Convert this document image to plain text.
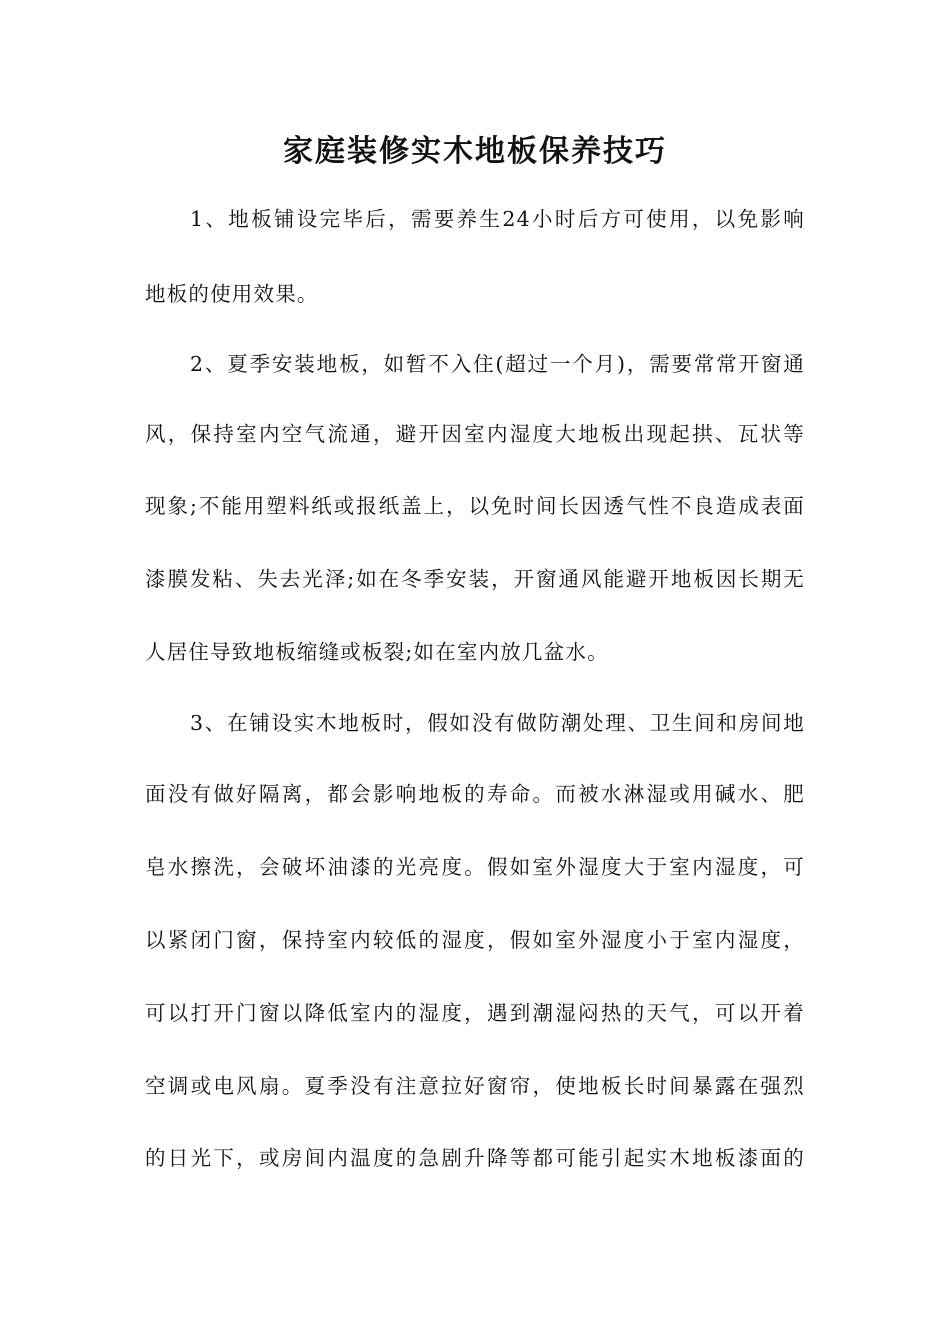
家庭装修实木地板保养技巧

1、地板铺设完毕后，需要养生24小时后方可使用，以免影响

地板的使用效果。

2、夏季安装地板，如暂不入住(超过一个月)，需要常常开窗通

风，保持室内空气流通，避开因室内湿度大地板出现起拱、瓦状等

现象;不能用塑料纸或报纸盖上，以免时间长因透气性不良造成表面

漆膜发粘、失去光泽;如在冬季安装，开窗通风能避开地板因长期无

人居住导致地板缩缝或板裂;如在室内放几盆水。

3、在铺设实木地板时，假如没有做防潮处理、卫生间和房间地

面没有做好隔离，都会影响地板的寿命。而被水淋湿或用碱水、肥

皂水擦洗，会破坏油漆的光亮度。假如室外湿度大于室内湿度，可

以紧闭门窗，保持室内较低的湿度，假如室外湿度小于室内湿度，

可以打开门窗以降低室内的湿度，遇到潮湿闷热的天气，可以开着

空调或电风扇。夏季没有注意拉好窗帘，使地板长时间暴露在强烈

的日光下，或房间内温度的急剧升降等都可能引起实木地板漆面的
